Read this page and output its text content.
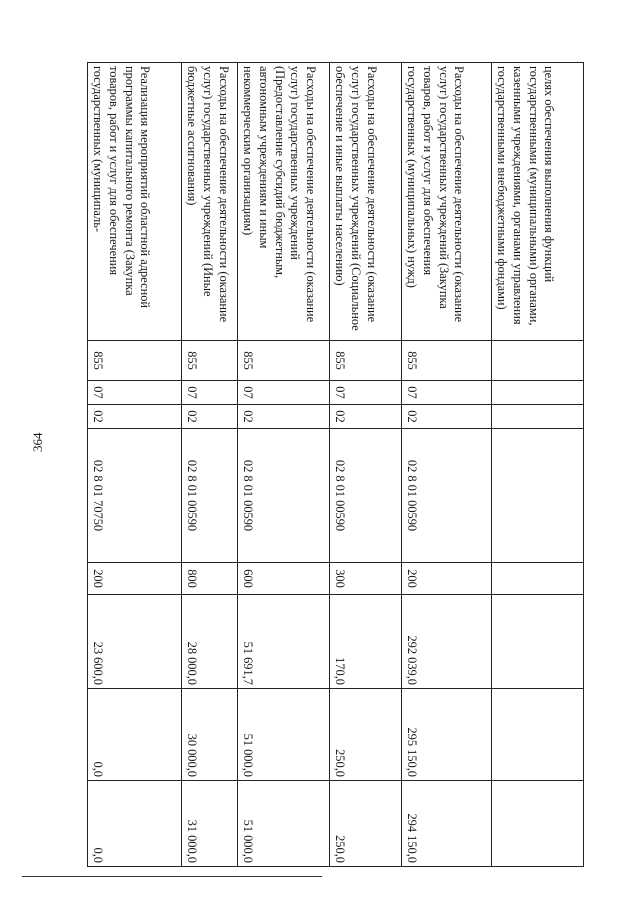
364
целях обеспечения выполнения функций государственными (муниципальными) органами, казенными учреждениями, органами управления государственными внебюджетными фондами)								
Расходы на обеспечение деятельности (оказание услуг) государственных учреждений (Закупка товаров, работ и услуг для обеспечения государственных (муниципальных) нужд)	855	07	02	02 8 01 00590	200	292 039,0	295 150,0	294 150,0
Расходы на обеспечение деятельности (оказание услуг) государственных учреждений (Социальное обеспечение и иные выплаты населению)	855	07	02	02 8 01 00590	300	170,0	250,0	250,0
Расходы на обеспечение деятельности (оказание услуг) государственных учреждений (Предоставление субсидий бюджетным, автономным учреждениям и иным некоммерческим организациям)	855	07	02	02 8 01 00590	600	51 691,7	51 000,0	51 000,0
Расходы на обеспечение деятельности (оказание услуг) государственных учреждений (Иные бюджетные ассигнования)	855	07	02	02 8 01 00590	800	28 000,0	30 000,0	31 000,0
Реализация мероприятий областной адресной программы капитального ремонта (Закупка товаров, работ и услуг для обеспечения государственных (муниципаль-	855	07	02	02 8 01 70750	200	23 600,0	0,0	0,0
